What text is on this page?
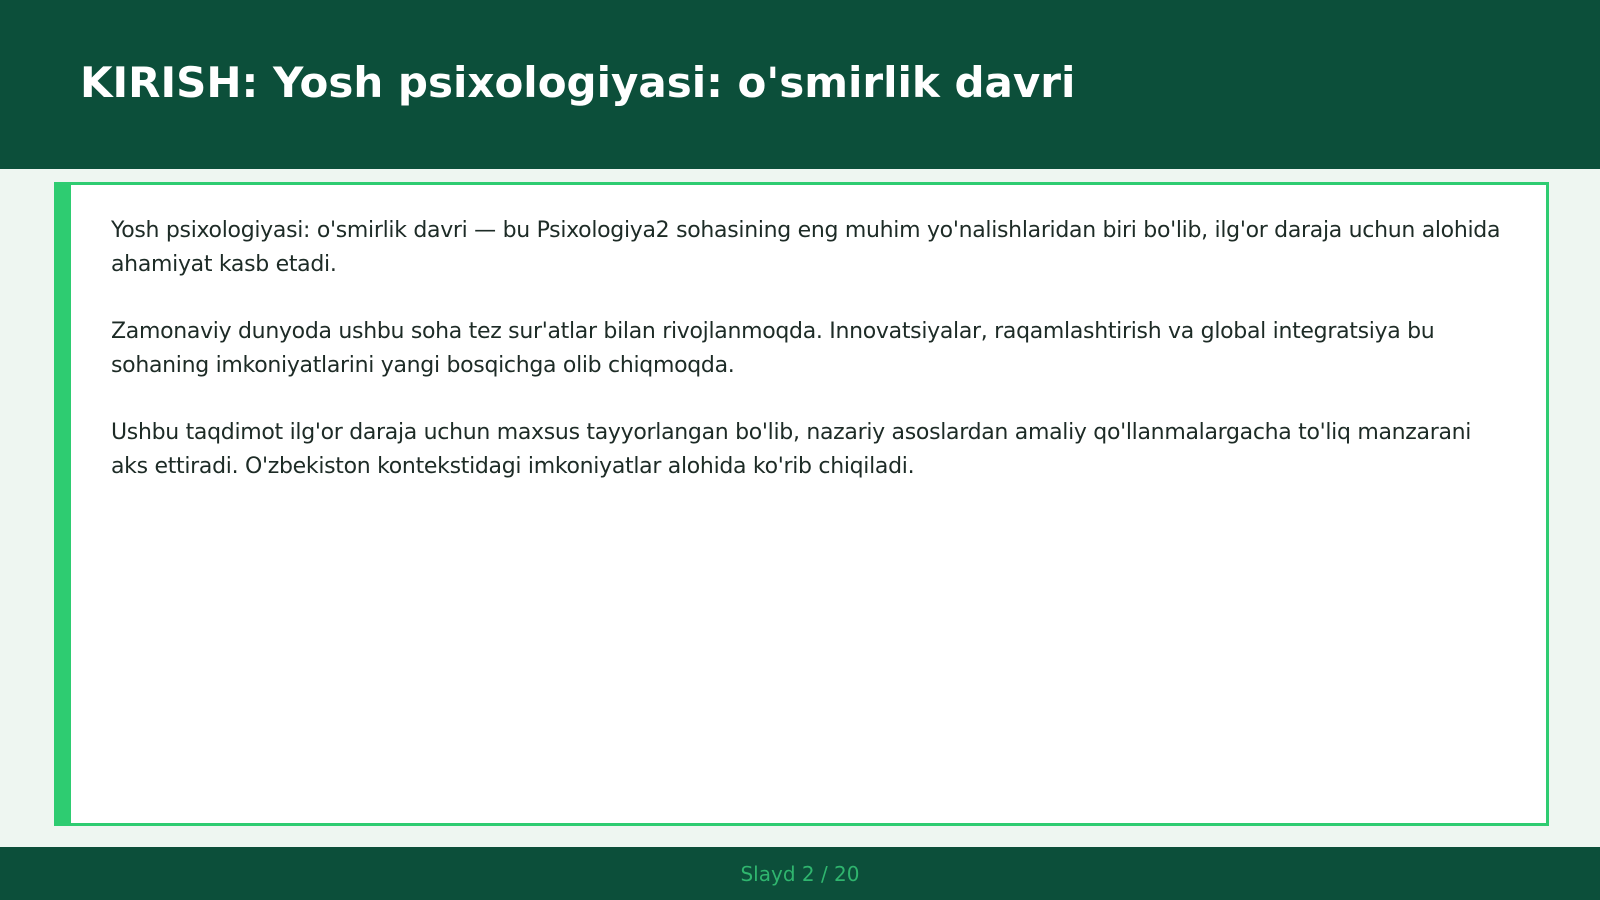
KIRISH: Yosh psixologiyasi: o'smirlik davri

Yosh psixologiyasi: o'smirlik davri — bu Psixologiya2 sohasining eng muhim yo'nalishlaridan biri bo'lib, ilg'or daraja uchun alohida ahamiyat kasb etadi.

Zamonaviy dunyoda ushbu soha tez sur'atlar bilan rivojlanmoqda. Innovatsiyalar, raqamlashtirish va global integratsiya bu sohaning imkoniyatlarini yangi bosqichga olib chiqmoqda.

Ushbu taqdimot ilg'or daraja uchun maxsus tayyorlangan bo'lib, nazariy asoslardan amaliy qo'llanmalargacha to'liq manzarani aks ettiradi. O'zbekiston kontekstidagi imkoniyatlar alohida ko'rib chiqiladi.

Slayd 2 / 20
